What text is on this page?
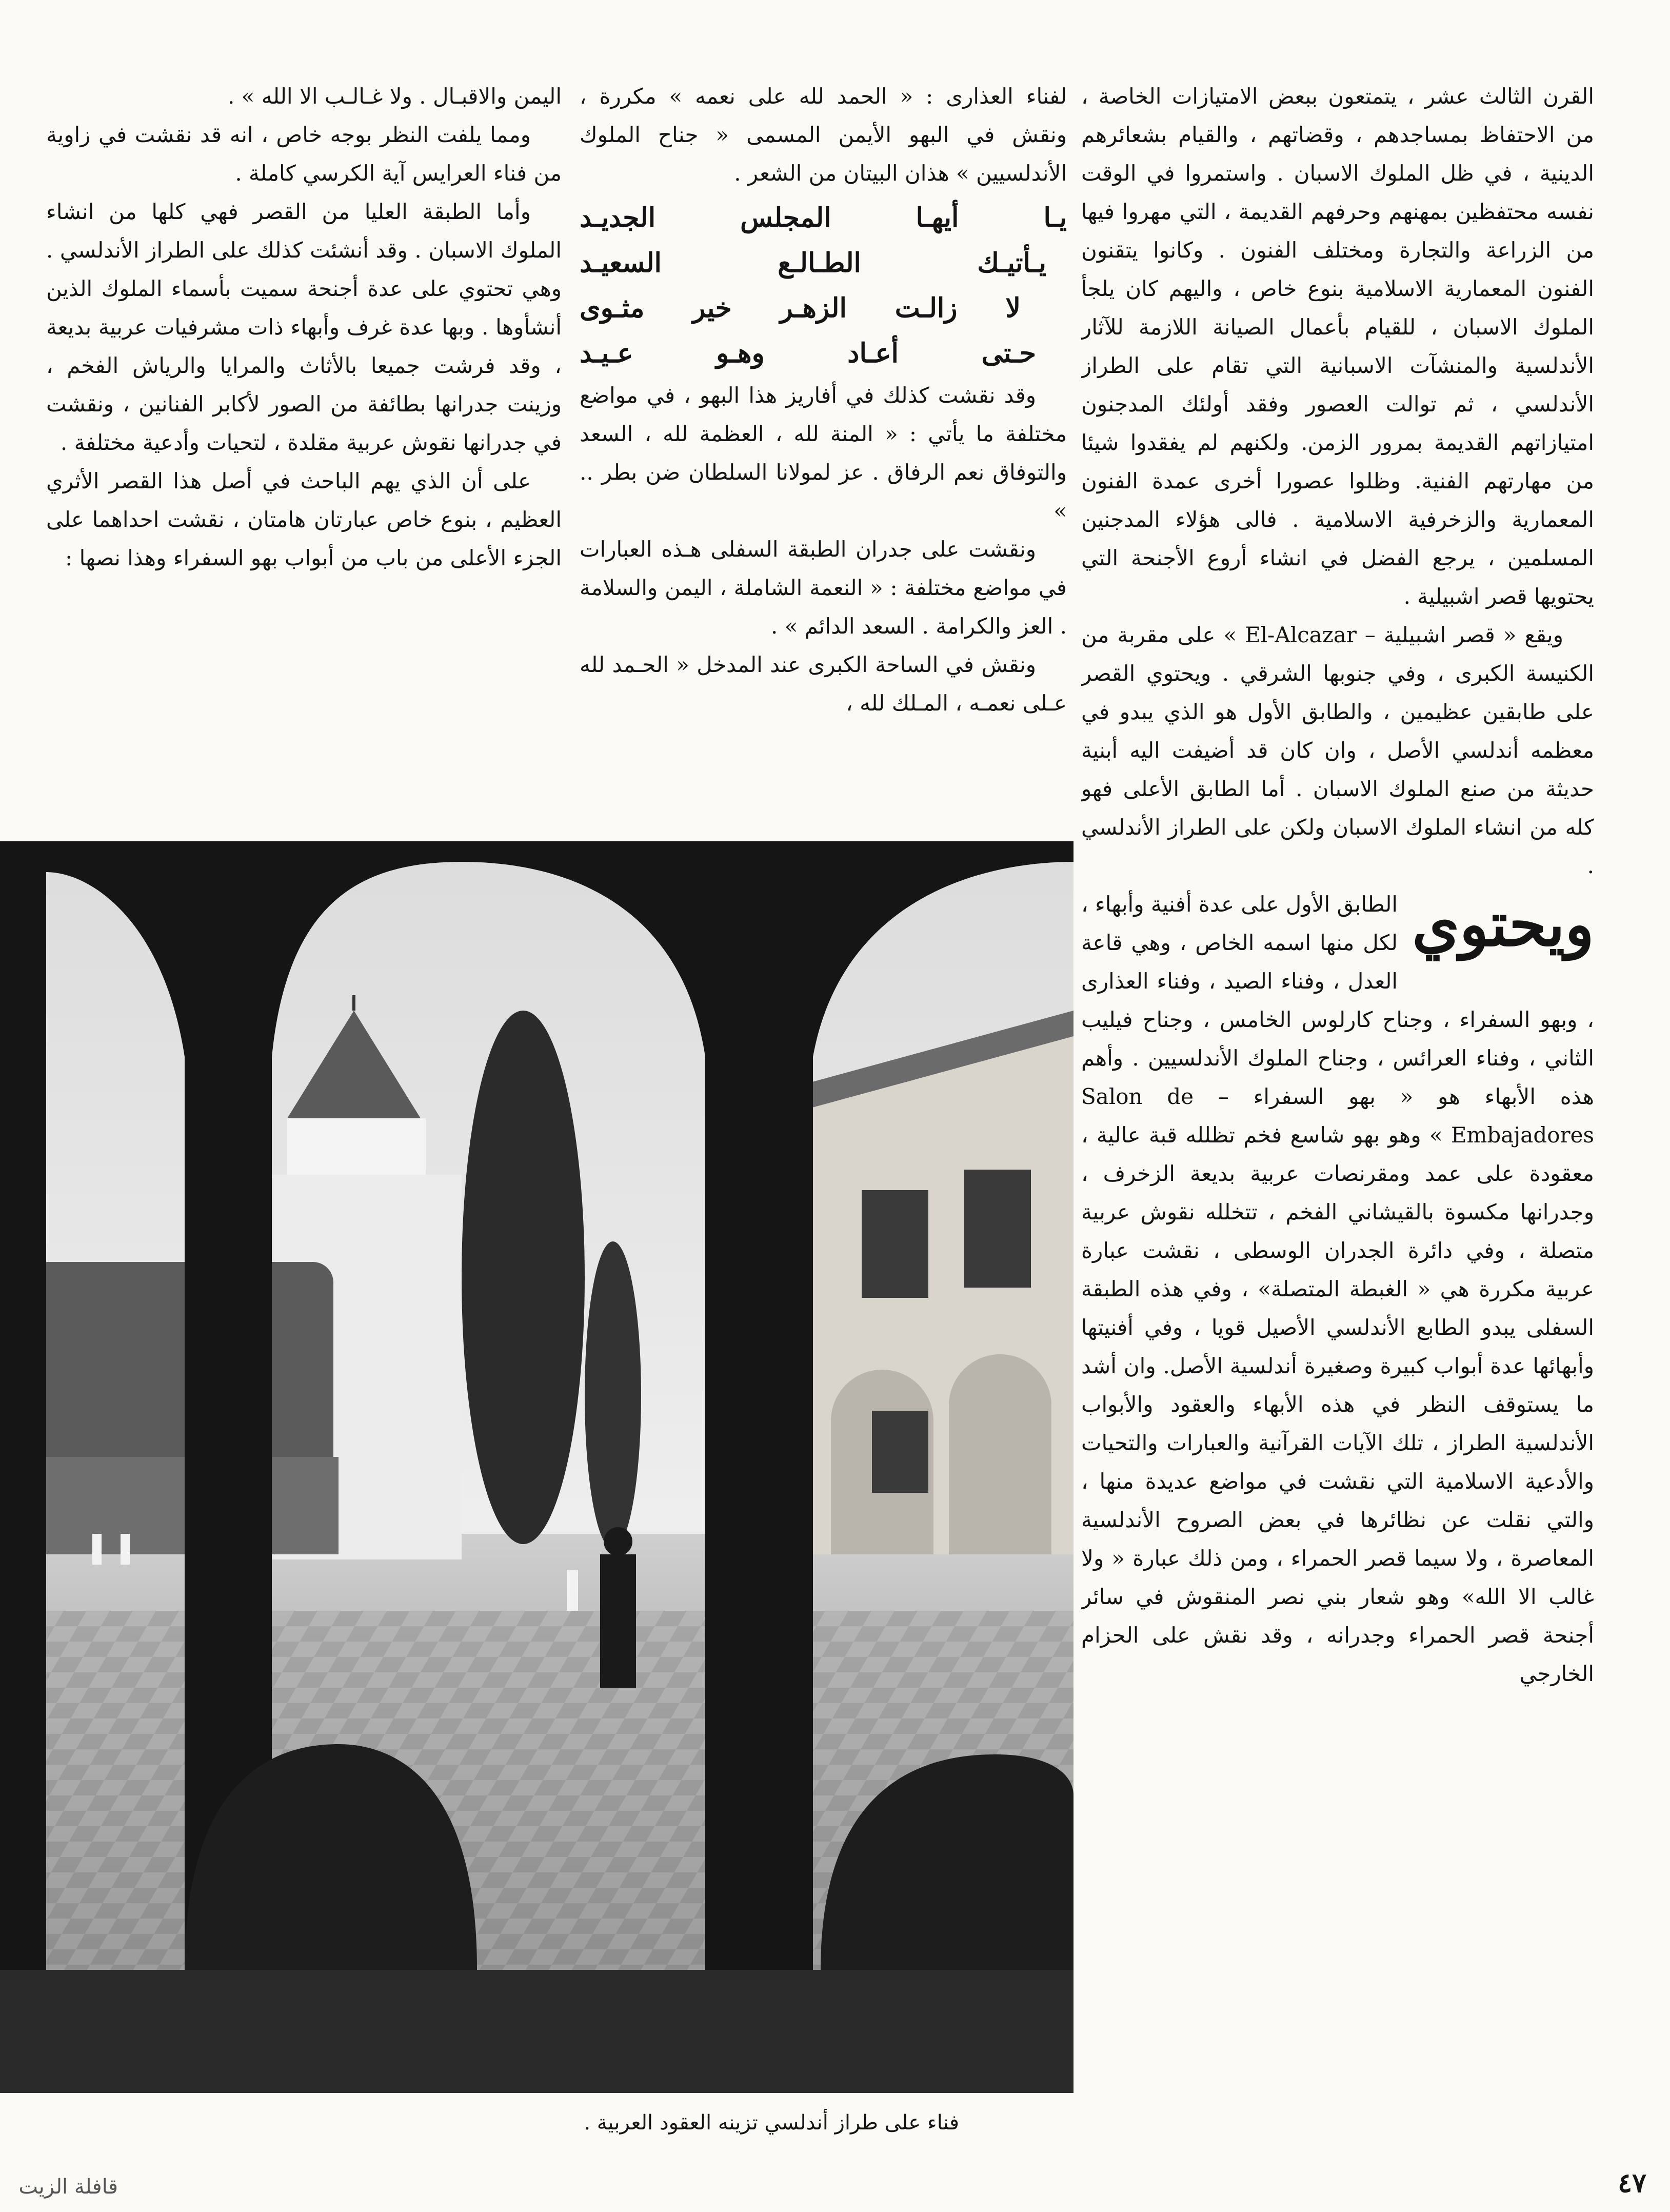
القرن الثالث عشر ، يتمتعون ببعض الامتيازات الخاصة ، من الاحتفاظ بمساجدهم ، وقضاتهم ، والقيام بشعائرهم الدينية ، في ظل الملوك الاسبان . واستمروا في الوقت نفسه محتفظين بمهنهم وحرفهم القديمة ، التي مهروا فيها من الزراعة والتجارة ومختلف الفنون . وكانوا يتقنون الفنون المعمارية الاسلامية بنوع خاص ، واليهم كان يلجأ الملوك الاسبان ، للقيام بأعمال الصيانة اللازمة للآثار الأندلسية والمنشآت الاسبانية التي تقام على الطراز الأندلسي ، ثم توالت العصور وفقد أولئك المدجنون امتيازاتهم القديمة بمرور الزمن. ولكنهم لم يفقدوا شيئا من مهارتهم الفنية. وظلوا عصورا أخرى عمدة الفنون المعمارية والزخرفية الاسلامية . فالى هؤلاء المدجنين المسلمين ، يرجع الفضل في انشاء أروع الأجنحة التي يحتويها قصر اشبيلية .

ويقع « قصر اشبيلية – El-Alcazar » على مقربة من الكنيسة الكبرى ، وفي جنوبها الشرقي . ويحتوي القصر على طابقين عظيمين ، والطابق الأول هو الذي يبدو في معظمه أندلسي الأصل ، وان كان قد أضيفت اليه أبنية حديثة من صنع الملوك الاسبان . أما الطابق الأعلى فهو كله من انشاء الملوك الاسبان ولكن على الطراز الأندلسي .

ويحتوي
الطابق الأول على عدة أفنية وأبهاء ، لكل منها اسمه الخاص ، وهي قاعة العدل ، وفناء الصيد ، وفناء العذارى ، وبهو السفراء ، وجناح كارلوس الخامس ، وجناح فيليب الثاني ، وفناء العرائس ، وجناح الملوك الأندلسيين . وأهم هذه الأبهاء هو « بهو السفراء – Salon de Embajadores » وهو بهو شاسع فخم تظلله قبة عالية ، معقودة على عمد ومقرنصات عربية بديعة الزخرف ، وجدرانها مكسوة بالقيشاني الفخم ، تتخلله نقوش عربية متصلة ، وفي دائرة الجدران الوسطى ، نقشت عبارة عربية مكررة هي « الغبطة المتصلة» ، وفي هذه الطبقة السفلى يبدو الطابع الأندلسي الأصيل قويا ، وفي أفنيتها وأبهائها عدة أبواب كبيرة وصغيرة أندلسية الأصل. وان أشد ما يستوقف النظر في هذه الأبهاء والعقود والأبواب الأندلسية الطراز ، تلك الآيات القرآنية والعبارات والتحيات والأدعية الاسلامية التي نقشت في مواضع عديدة منها ، والتي نقلت عن نظائرها في بعض الصروح الأندلسية المعاصرة ، ولا سيما قصر الحمراء ، ومن ذلك عبارة « ولا غالب الا الله» وهو شعار بني نصر المنقوش في سائر أجنحة قصر الحمراء وجدرانه ، وقد نقش على الحزام الخارجي

لفناء العذارى : « الحمد لله على نعمه » مكررة ، ونقش في البهو الأيمن المسمى « جناح الملوك الأندلسيين » هذان البيتان من الشعر .

يـا أيهـا المجلس الجديـد
يـأتيـك الطـالـع السعيـد
لا زالـت الزهـر خير مثـوى
حـتى أعـاد وهـو عـيـد

وقد نقشت كذلك في أفاريز هذا البهو ، في مواضع مختلفة ما يأتي : « المنة لله ، العظمة لله ، السعد والتوفاق نعم الرفاق . عز لمولانا السلطان ضن بطر .. »

ونقشت على جدران الطبقة السفلى هـذه العبارات في مواضع مختلفة : « النعمة الشاملة ، اليمن والسلامة . العز والكرامة . السعد الدائم » .

ونقش في الساحة الكبرى عند المدخل « الحـمد لله عـلى نعمـه ، المـلك لله ،

اليمن والاقبـال . ولا غـالـب الا الله » .

ومما يلفت النظر بوجه خاص ، انه قد نقشت في زاوية من فناء العرايس آية الكرسي كاملة .

وأما الطبقة العليا من القصر فهي كلها من انشاء الملوك الاسبان . وقد أنشئت كذلك على الطراز الأندلسي . وهي تحتوي على عدة أجنحة سميت بأسماء الملوك الذين أنشأوها . وبها عدة غرف وأبهاء ذات مشرفيات عربية بديعة ، وقد فرشت جميعا بالأثاث والمرايا والرياش الفخم ، وزينت جدرانها بطائفة من الصور لأكابر الفنانين ، ونقشت في جدرانها نقوش عربية مقلدة ، لتحيات وأدعية مختلفة .

على أن الذي يهم الباحث في أصل هذا القصر الأثري العظيم ، بنوع خاص عبارتان هامتان ، نقشت احداهما على الجزء الأعلى من باب من أبواب بهو السفراء وهذا نصها :

فناء على طراز أندلسي تزينه العقود العربية .
قافلة الزيت	٤٧
